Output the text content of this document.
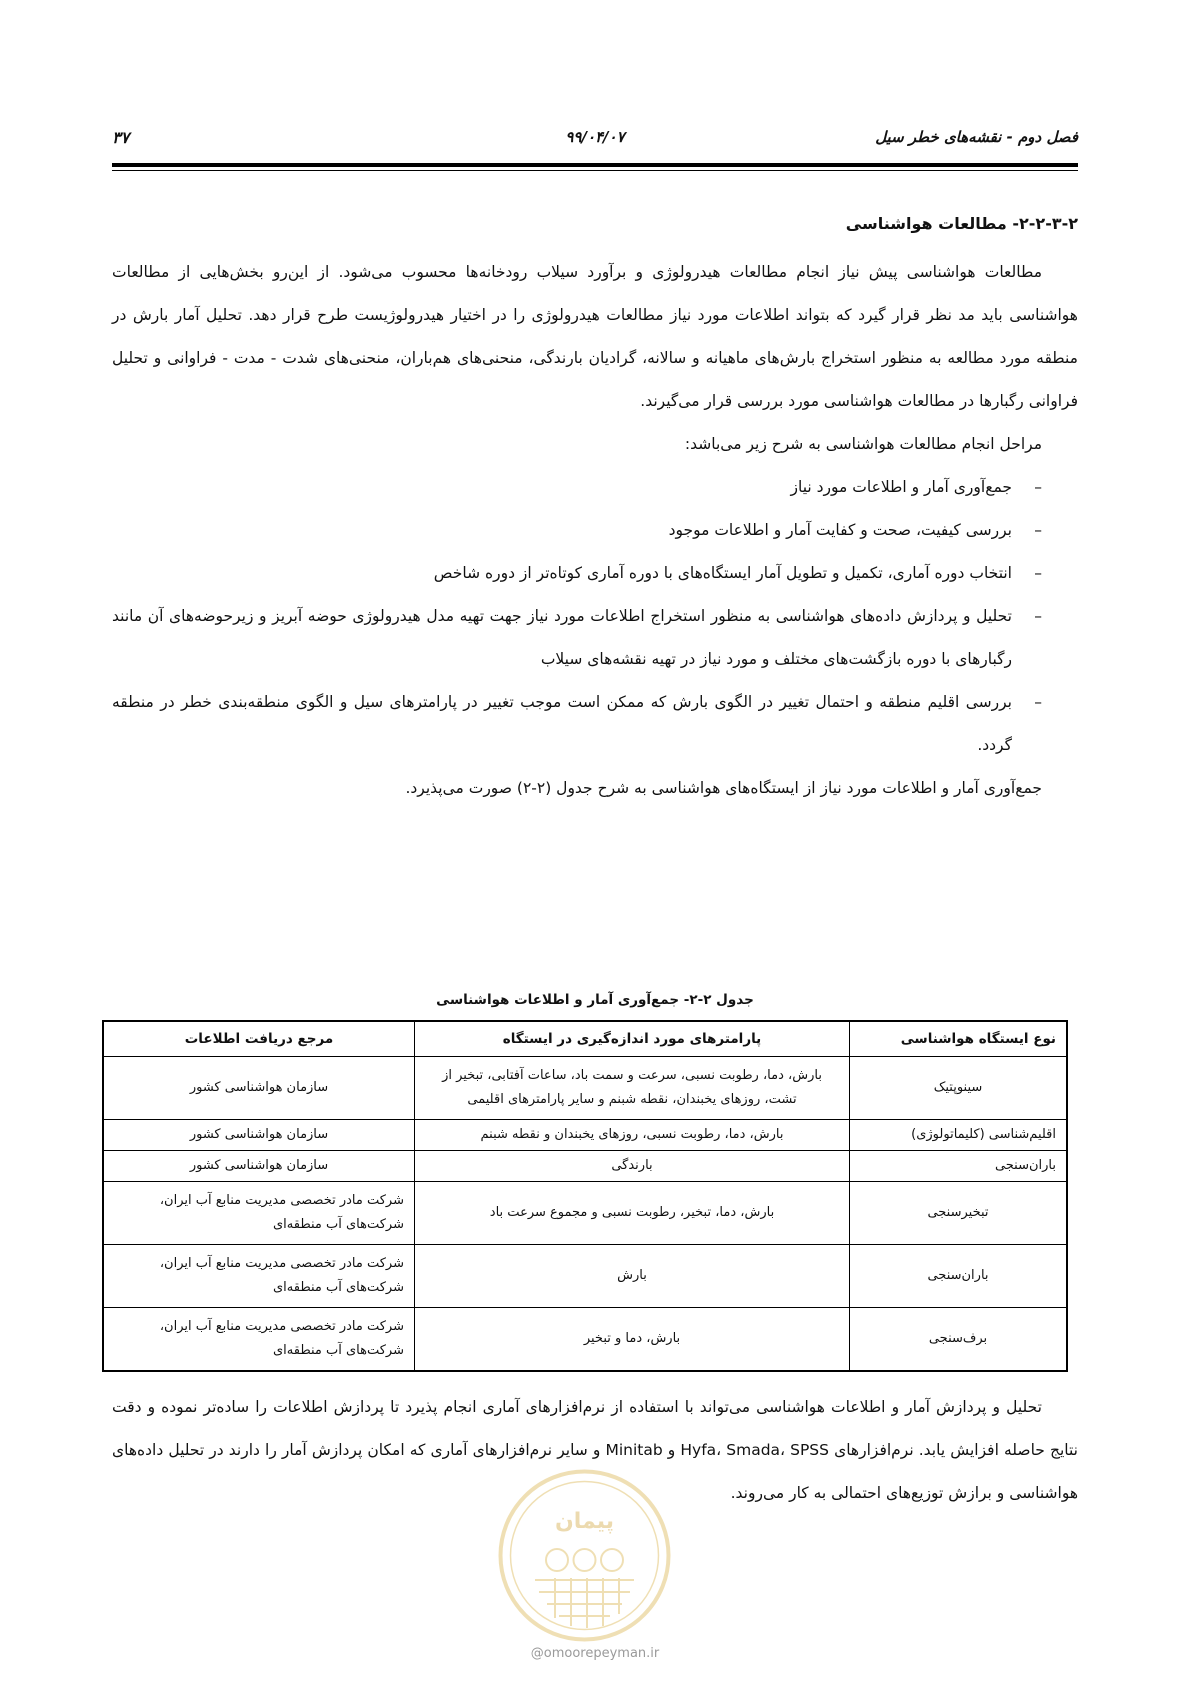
فصل دوم - نقشه‌های خطر سیل
۹۹/۰۴/۰۷
۳۷
۲-۲-۳-۲- مطالعات هواشناسی

مطالعات هواشناسی پیش نیاز انجام مطالعات هیدرولوژی و برآورد سیلاب رودخانه‌ها محسوب می‌شود. از این‌رو بخش‌هایی از مطالعات هواشناسی باید مد نظر قرار گیرد که بتواند اطلاعات مورد نیاز مطالعات هیدرولوژی را در اختیار هیدرولوژیست طرح قرار دهد. تحلیل آمار بارش در منطقه مورد مطالعه به منظور استخراج بارش‌های ماهیانه و سالانه، گرادیان بارندگی، منحنی‌های هم‌باران، منحنی‌های شدت - مدت - فراوانی و تحلیل فراوانی رگبارها در مطالعات هواشناسی مورد بررسی قرار می‌گیرند.

مراحل انجام مطالعات هواشناسی به شرح زیر می‌باشد:

–
جمع‌آوری آمار و اطلاعات مورد نیاز
–
بررسی کیفیت، صحت و کفایت آمار و اطلاعات موجود
–
انتخاب دوره آماری، تکمیل و تطویل آمار ایستگاه‌های با دوره آماری کوتاه‌تر از دوره شاخص
–
تحلیل و پردازش داده‌های هواشناسی به منظور استخراج اطلاعات مورد نیاز جهت تهیه مدل هیدرولوژی حوضه آبریز و زیرحوضه‌های آن مانند رگبارهای با دوره بازگشت‌های مختلف و مورد نیاز در تهیه نقشه‌های سیلاب
–
بررسی اقلیم منطقه و احتمال تغییر در الگوی بارش که ممکن است موجب تغییر در پارامترهای سیل و الگوی منطقه‌بندی خطر در منطقه گردد.

جمع‌آوری آمار و اطلاعات مورد نیاز از ایستگاه‌های هواشناسی به شرح جدول (۲-۲) صورت می‌پذیرد.

جدول ۲-۲- جمع‌آوری آمار و اطلاعات هواشناسی
نوع ایستگاه هواشناسی	پارامترهای مورد اندازه‌گیری در ایستگاه	مرجع دریافت اطلاعات
سینوپتیک	بارش، دما، رطوبت نسبی، سرعت و سمت باد، ساعات آفتابی، تبخیر از تشت، روزهای یخبندان، نقطه شبنم و سایر پارامترهای اقلیمی	سازمان هواشناسی کشور
اقلیم‌شناسی (کلیماتولوژی)	بارش، دما، رطوبت نسبی، روزهای یخبندان و نقطه شبنم	سازمان هواشناسی کشور
باران‌سنجی	بارندگی	سازمان هواشناسی کشور
تبخیرسنجی	بارش، دما، تبخیر، رطوبت نسبی و مجموع سرعت باد	شرکت مادر تخصصی مدیریت منابع آب ایران، شرکت‌های آب منطقه‌ای
باران‌سنجی	بارش	شرکت مادر تخصصی مدیریت منابع آب ایران، شرکت‌های آب منطقه‌ای
برف‌سنجی	بارش، دما و تبخیر	شرکت مادر تخصصی مدیریت منابع آب ایران، شرکت‌های آب منطقه‌ای

تحلیل و پردازش آمار و اطلاعات هواشناسی می‌تواند با استفاده از نرم‌افزارهای آماری انجام پذیرد تا پردازش اطلاعات را ساده‌تر نموده و دقت نتایج حاصله افزایش یابد. نرم‌افزارهای Hyfa، Smada، SPSS و Minitab و سایر نرم‌افزارهای آماری که امکان پردازش آمار را دارند در تحلیل داده‌های هواشناسی و برازش توزیع‌های احتمالی به کار می‌روند.

پیمان
@omoorepeyman.ir
